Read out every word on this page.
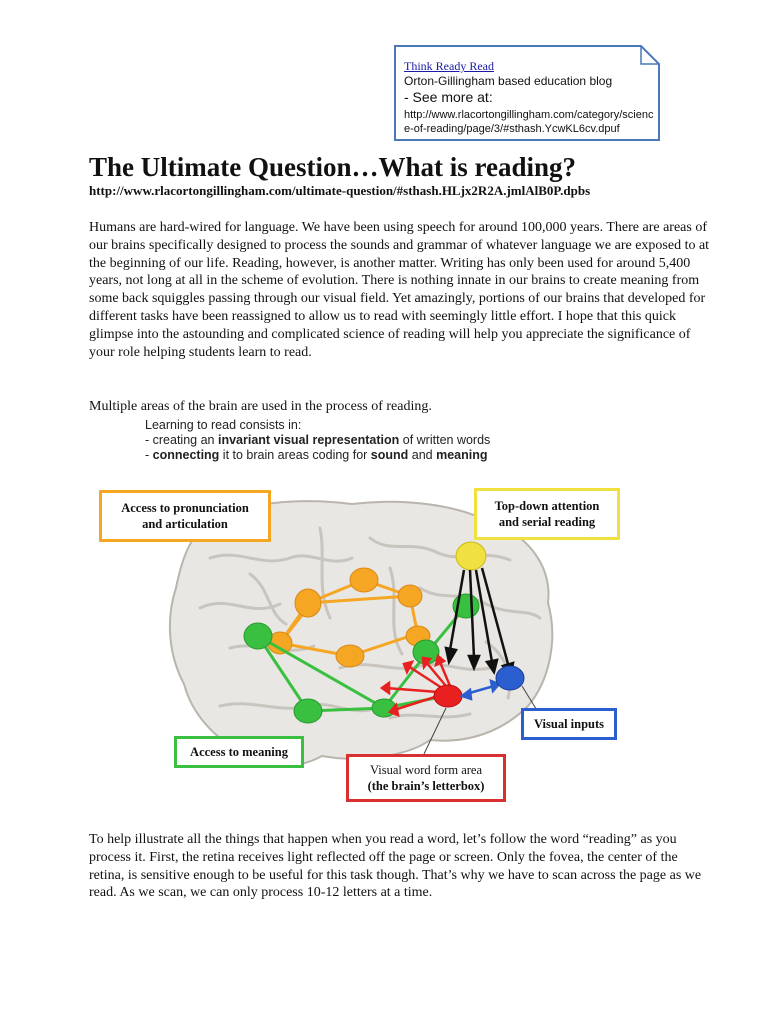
Think Ready Read
Orton-Gillingham based education blog
- See more at:
http://www.rlacortongillingham.com/category/science-of-reading/page/3/#sthash.YcwKL6cv.dpuf
The Ultimate Question…What is reading?
http://www.rlacortongillingham.com/ultimate-question/#sthash.HLjx2R2A.jmlAlB0P.dpbs

Humans are hard-wired for language. We have been using speech for around 100,000 years. There are areas of our brains specifically designed to process the sounds and grammar of whatever language we are exposed to at the beginning of our life. Reading, however, is another matter. Writing has only been used for around 5,400 years, not long at all in the scheme of evolution. There is nothing innate in our brains to create meaning from some back squiggles passing through our visual field. Yet amazingly, portions of our brains that developed for different tasks have been reassigned to allow us to read with seemingly little effort. I hope that this quick glimpse into the astounding and complicated science of reading will help you appreciate the significance of your role helping students learn to read.

Multiple areas of the brain are used in the process of reading.

Learning to read consists in:
- creating an invariant visual representation of written words
- connecting it to brain areas coding for sound and meaning
Access to pronunciation
and articulation
Top-down attention
and serial reading
Access to meaning
Visual inputs
Visual word form area
(the brain’s letterbox)

To help illustrate all the things that happen when you read a word, let’s follow the word “reading” as you process it. First, the retina receives light reflected off the page or screen. Only the fovea, the center of the retina, is sensitive enough to be useful for this task though. That’s why we have to scan across the page as we read. As we scan, we can only process 10-12 letters at a time.
